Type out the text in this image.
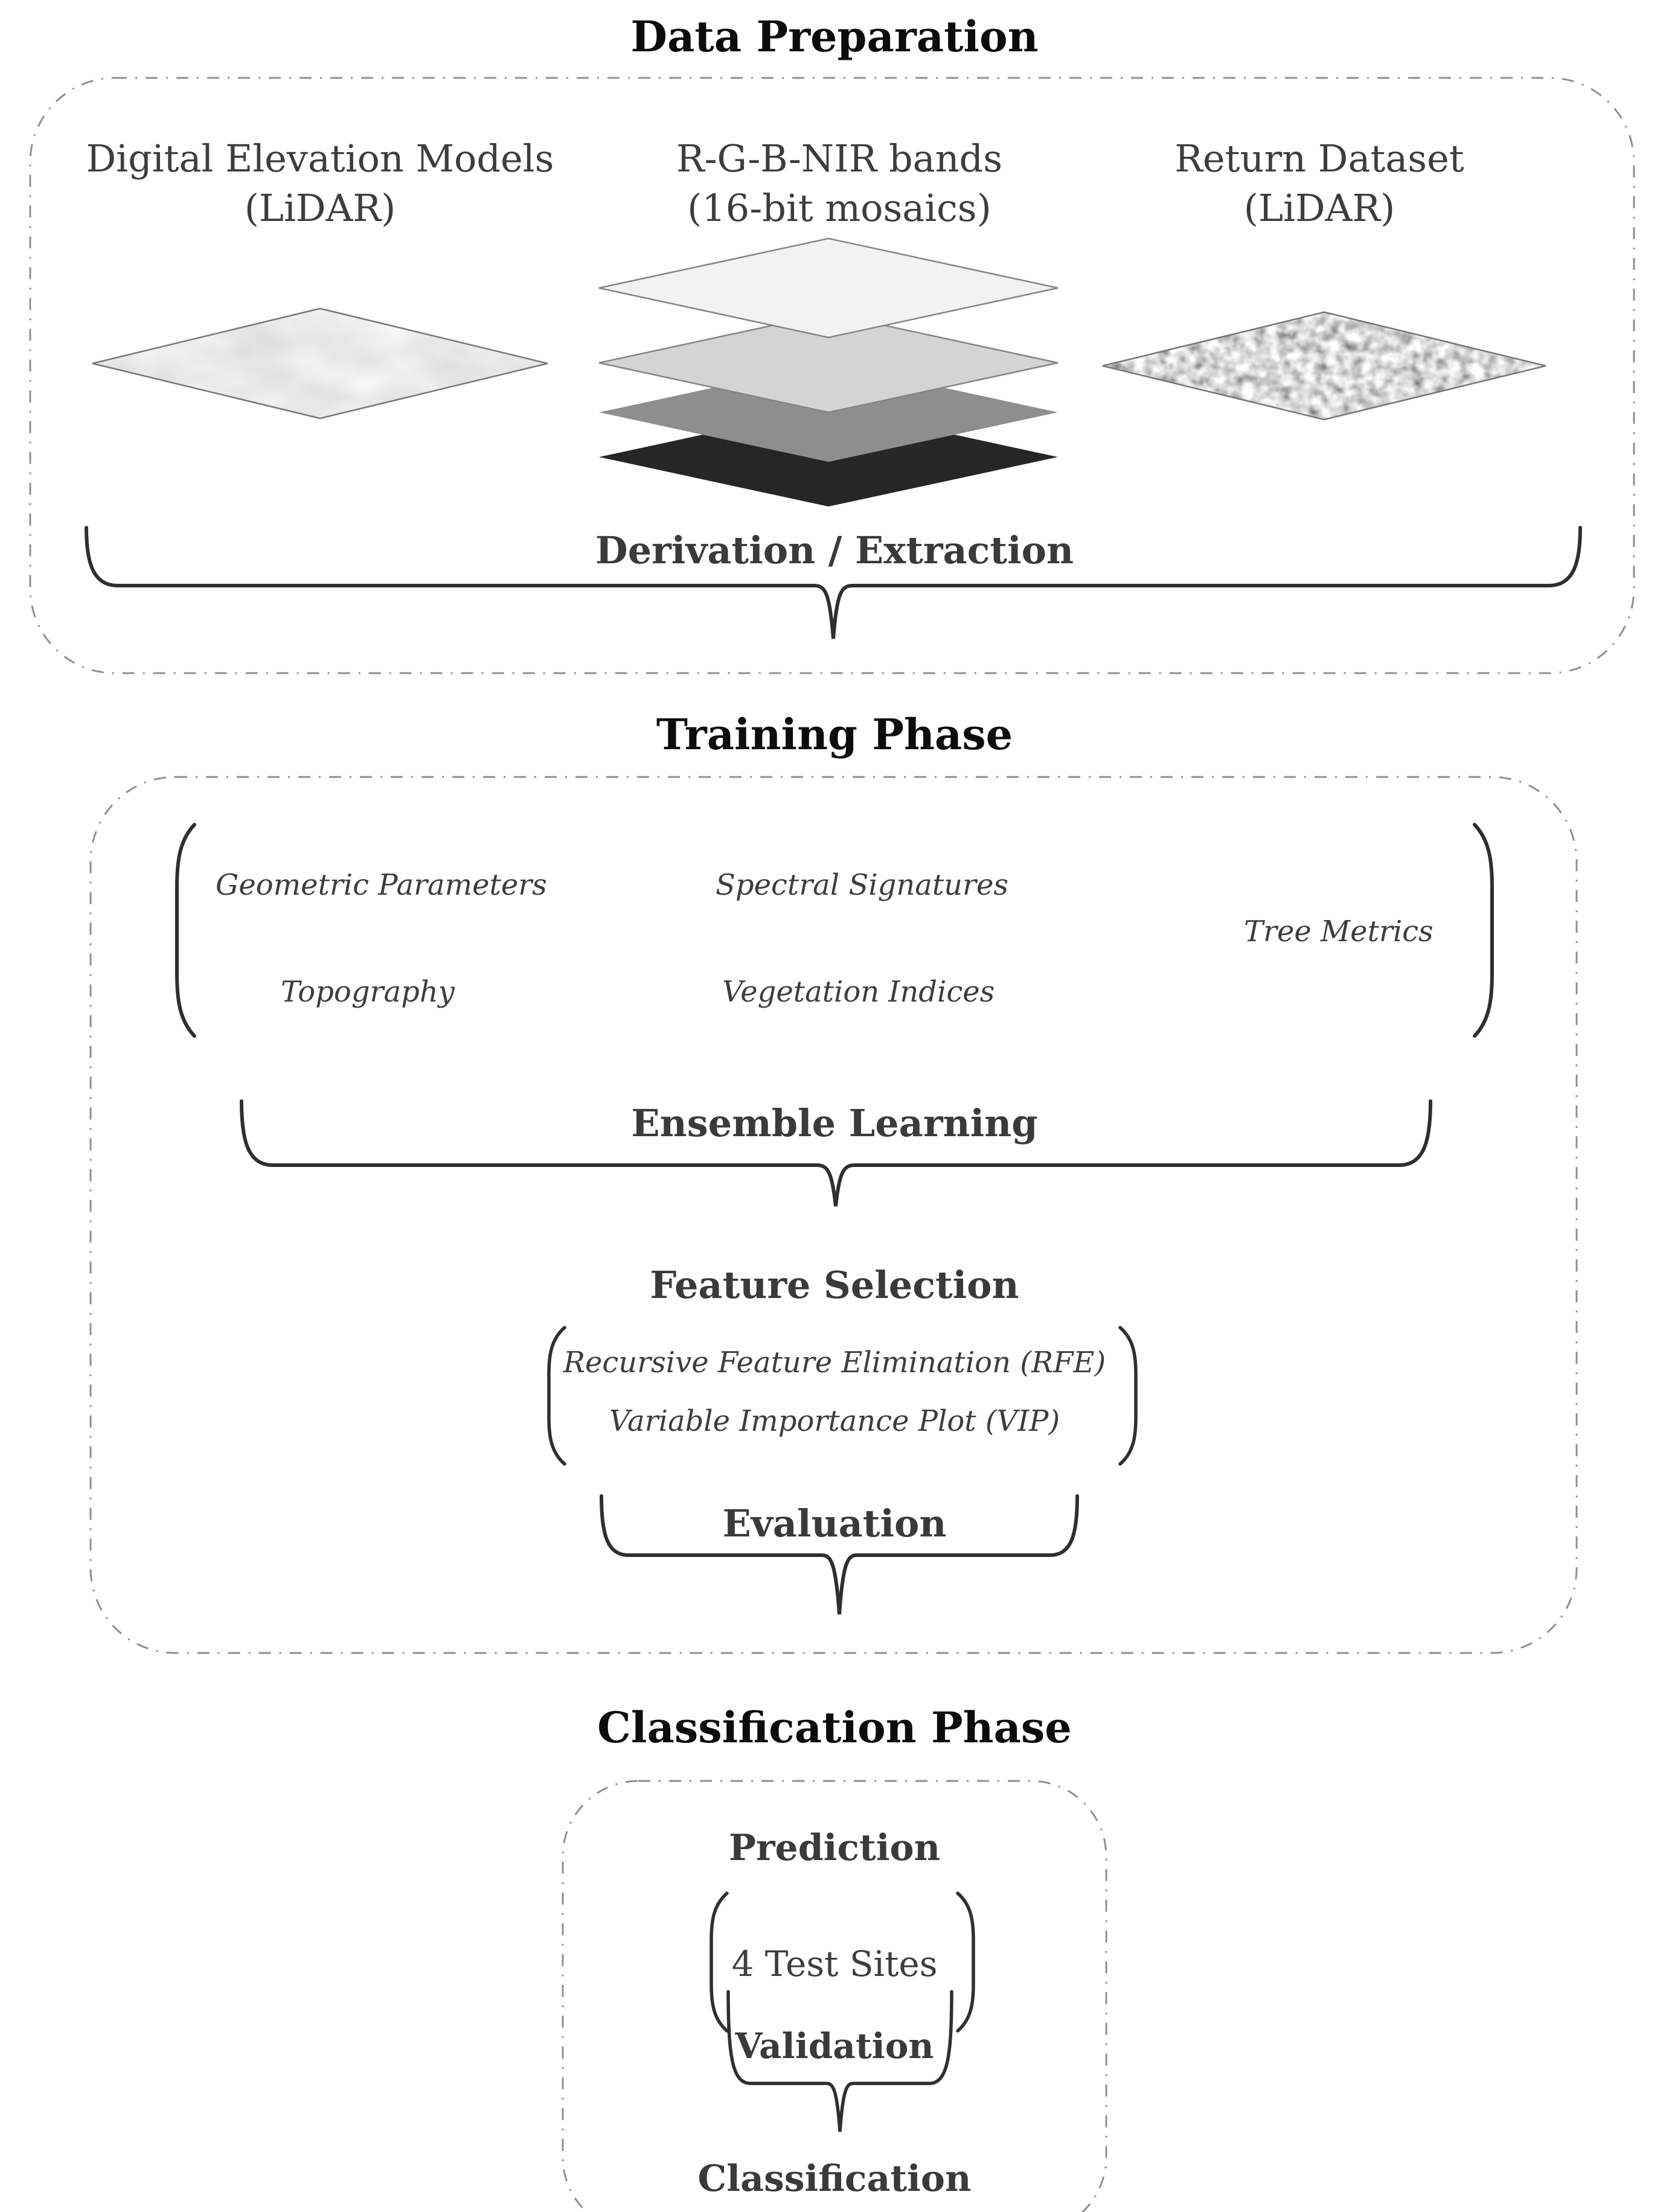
Data Preparation
Digital Elevation Models
(LiDAR)
R-G-B-NIR bands
(16-bit mosaics)
Return Dataset
(LiDAR)
Derivation / Extraction
Training Phase
Geometric Parameters	Spectral Signatures
Tree Metrics
Topography	Vegetation Indices
Ensemble Learning
Feature Selection
Recursive Feature Elimination (RFE)
Variable Importance Plot (VIP)
Evaluation
Classification Phase
Prediction
4 Test Sites
Validation
Classification
